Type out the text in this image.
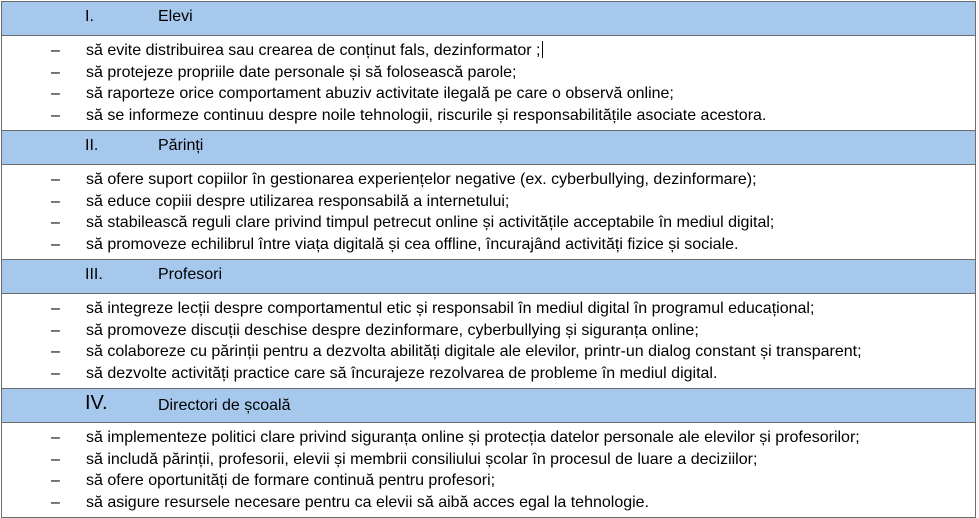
I.	Elevi
– să evite distribuirea sau crearea de conținut fals, dezinformator ;
– să protejeze propriile date personale și să folosească parole;
– să raporteze orice comportament abuziv activitate ilegală pe care o observă online;
– să se informeze continuu despre noile tehnologii, riscurile și responsabilitățile asociate acestora.
II.	Părinți
– să ofere suport copiilor în gestionarea experiențelor negative (ex. cyberbullying, dezinformare);
– să educe copiii despre utilizarea responsabilă a internetului;
– să stabilească reguli clare privind timpul petrecut online și activitățile acceptabile în mediul digital;
– să promoveze echilibrul între viața digitală și cea offline, încurajând activități fizice și sociale.
III.	Profesori
– să integreze lecții despre comportamentul etic și responsabil în mediul digital în programul educațional;
– să promoveze discuții deschise despre dezinformare, cyberbullying și siguranța online;
– să colaboreze cu părinții pentru a dezvolta abilități digitale ale elevilor, printr-un dialog constant și transparent;
– să dezvolte activități practice care să încurajeze rezolvarea de probleme în mediul digital.
IV.	Directori de școală
– să implementeze politici clare privind siguranța online și protecția datelor personale ale elevilor și profesorilor;
– să includă părinții, profesorii, elevii și membrii consiliului școlar în procesul de luare a deciziilor;
– să ofere oportunități de formare continuă pentru profesori;
– să asigure resursele necesare pentru ca elevii să aibă acces egal la tehnologie.
